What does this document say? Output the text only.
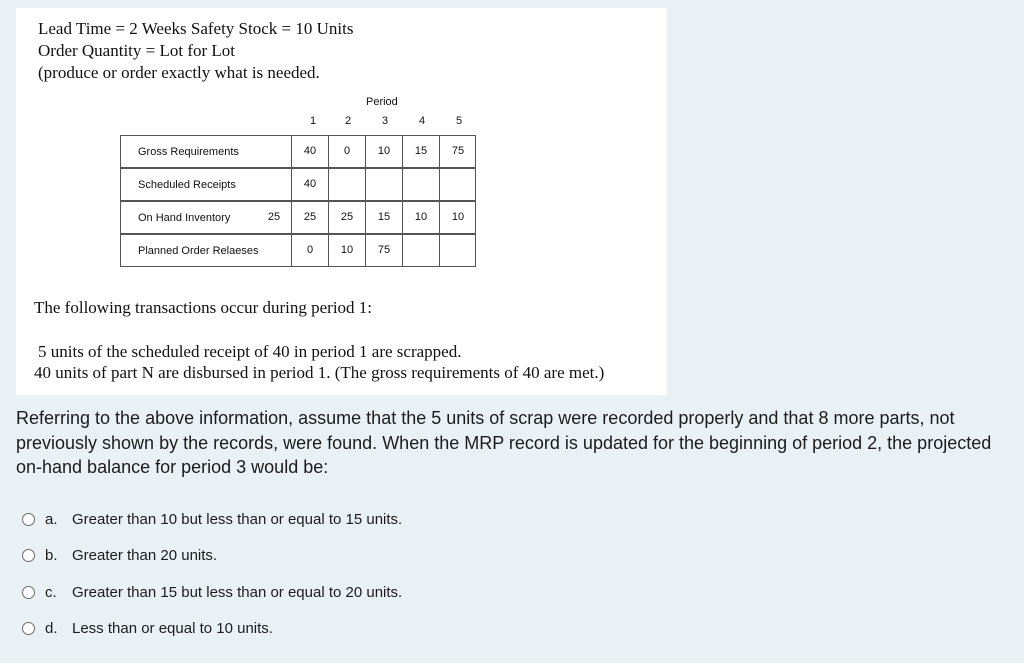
Lead Time = 2 Weeks Safety Stock = 10 Units
Order Quantity = Lot for Lot
(produce or order exactly what is needed.
Period
1	2	3	4	5
Gross Requirements	40	0	10	15	75
Scheduled Receipts	40
On Hand Inventory	25	25	25	15	10	10
Planned Order Relaeses	0	10	75
The following transactions occur during period 1:
5 units of the scheduled receipt of 40 in period 1 are scrapped.
40 units of part N are disbursed in period 1. (The gross requirements of 40 are met.)
Referring to the above information, assume that the 5 units of scrap were recorded properly and that 8 more parts, not previously shown by the records, were found. When the MRP record is updated for the beginning of period 2, the projected on-hand balance for period 3 would be:
a. Greater than 10 but less than or equal to 15 units.
b. Greater than 20 units.
c.	Greater than 15 but less than or equal to 20 units.
d. Less than or equal to 10 units.
